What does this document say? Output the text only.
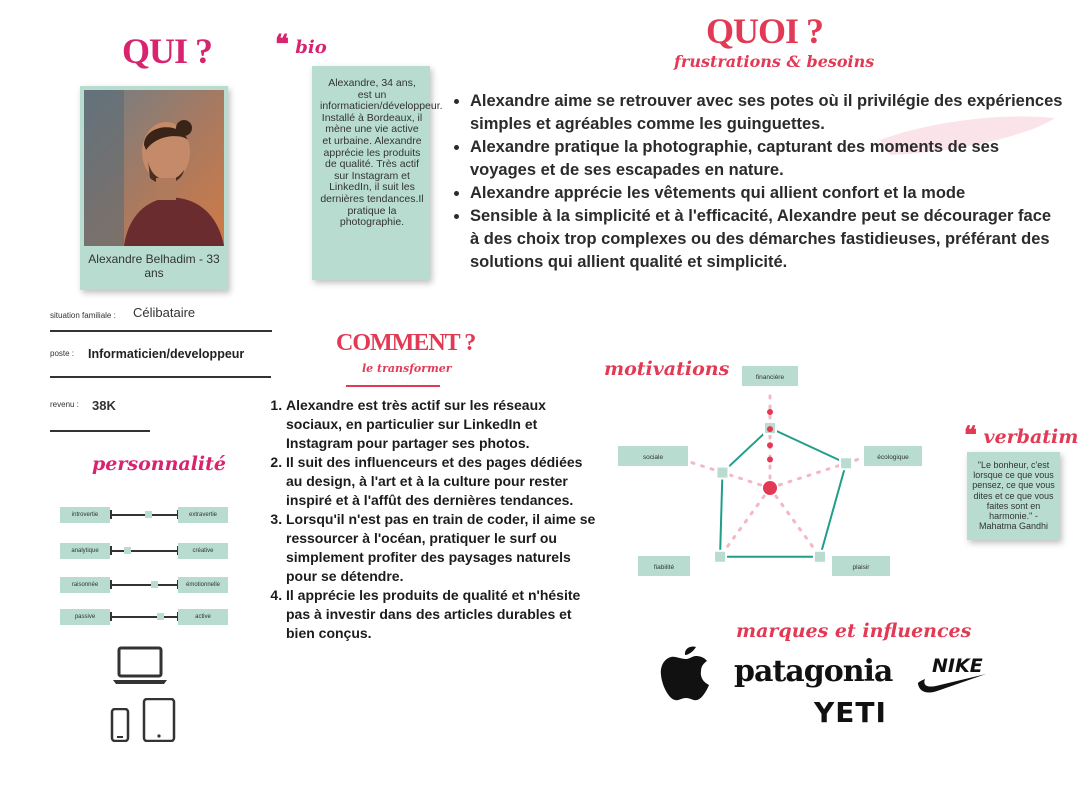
QUI ?
Alexandre Belhadim - 33 ans
❝ bio
Alexandre, 34 ans, est un informaticien/développeur. Installé à Bordeaux, il mène une vie active et urbaine. Alexandre apprécie les produits de qualité. Très actif sur Instagram et LinkedIn, il suit les dernières tendances.Il pratique la photographie.
situation familiale : Célibataire
poste : Informaticien/developpeur
revenu : 38K
personnalité
introvertie	extravertie
analytique	créative
raisonnée	émotionnelle
passive	active
QUOI ?
frustrations & besoins
• Alexandre aime se retrouver avec ses potes où il privilégie des expériences simples et agréables comme les guinguettes.
• Alexandre pratique la photographie, capturant des moments de ses voyages et de ses escapades en nature.
• Alexandre apprécie les vêtements qui allient confort et la mode
• Sensible à la simplicité et à l'efficacité, Alexandre peut se décourager face à des choix trop complexes ou des démarches fastidieuses, préférant des solutions qui allient qualité et simplicité.
COMMENT ?
le transformer
1. Alexandre est très actif sur les réseaux sociaux, en particulier sur LinkedIn et Instagram pour partager ses photos.
2. Il suit des influenceurs et des pages dédiées au design, à l'art et à la culture pour rester inspiré et à l'affût des dernières tendances.
3. Lorsqu'il n'est pas en train de coder, il aime se ressourcer à l'océan, pratiquer le surf ou simplement profiter des paysages naturels pour se détendre.
4. Il apprécie les produits de qualité et n'hésite pas à investir dans des articles durables et bien conçus.
motivations	financière
écologique
plaisir
fiabilité
sociale
❝ verbatim
"Le bonheur, c'est lorsque ce que vous pensez, ce que vous dites et ce que vous faites sont en harmonie." - Mahatma Gandhi
marques et influences
patagonia NIKE
YETI
